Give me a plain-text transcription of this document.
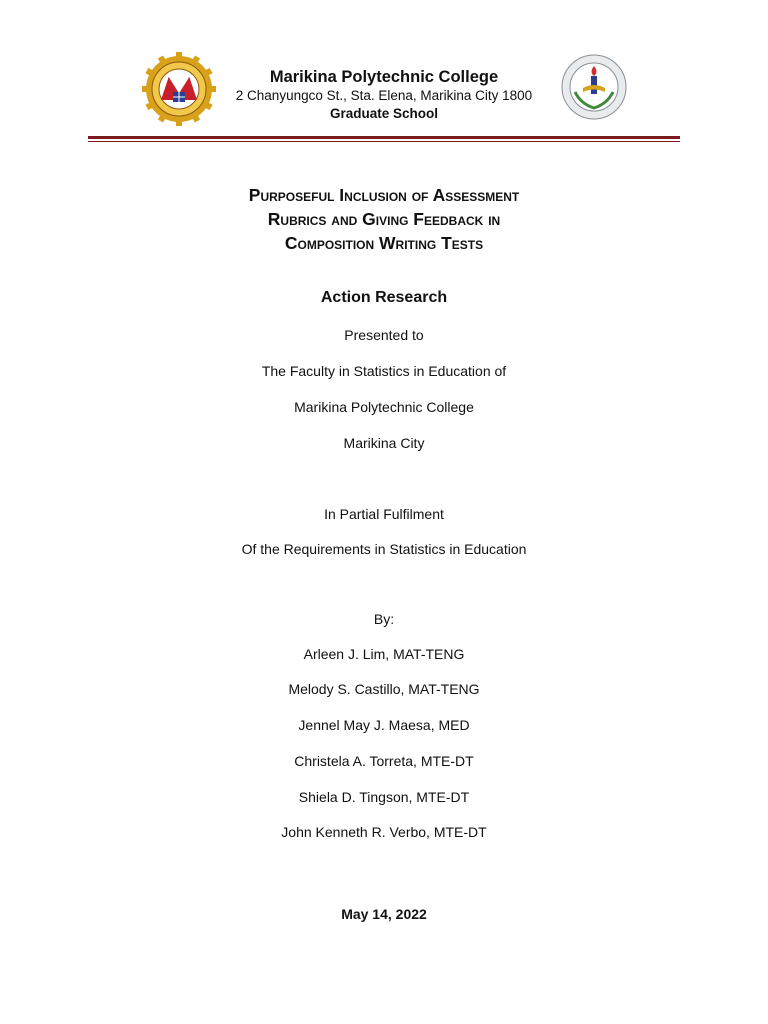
Marikina Polytechnic College
2 Chanyungco St., Sta. Elena, Marikina City 1800
Graduate School
Purposeful Inclusion of Assessment
Rubrics and Giving Feedback in
Composition Writing Tests
Action Research
Presented to
The Faculty in Statistics in Education of
Marikina Polytechnic College
Marikina City
In Partial Fulfilment
Of the Requirements in Statistics in Education
By:
Arleen J. Lim, MAT-TENG
Melody S. Castillo, MAT-TENG
Jennel May J. Maesa, MED
Christela A. Torreta, MTE-DT
Shiela D. Tingson, MTE-DT
John Kenneth R. Verbo, MTE-DT
May 14, 2022
